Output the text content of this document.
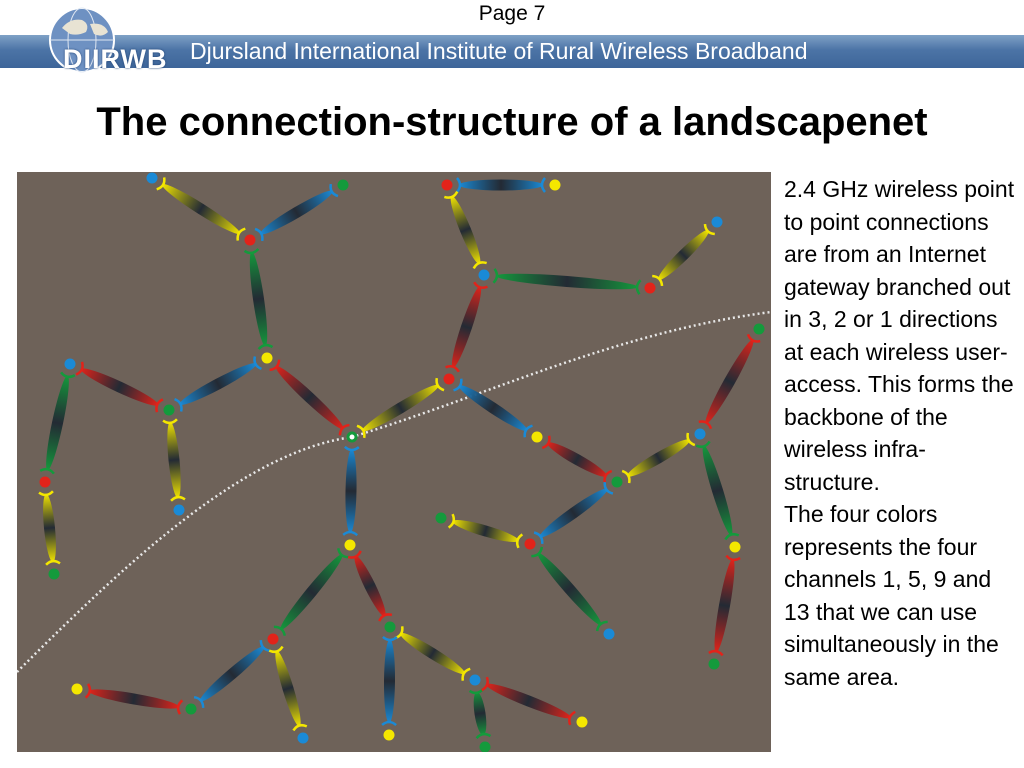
Page 7
Djursland International Institute of Rural Wireless Broadband
DIIRWB
The connection-structure of a landscapenet

2.4 GHz wireless point to point connections are from an Internet gateway branched out in 3, 2 or 1 directions at each wireless user-access. This forms the backbone of the wireless infra-structure.

The four colors represents the four channels 1, 5, 9 and 13 that we can use simultaneously in the same area.
